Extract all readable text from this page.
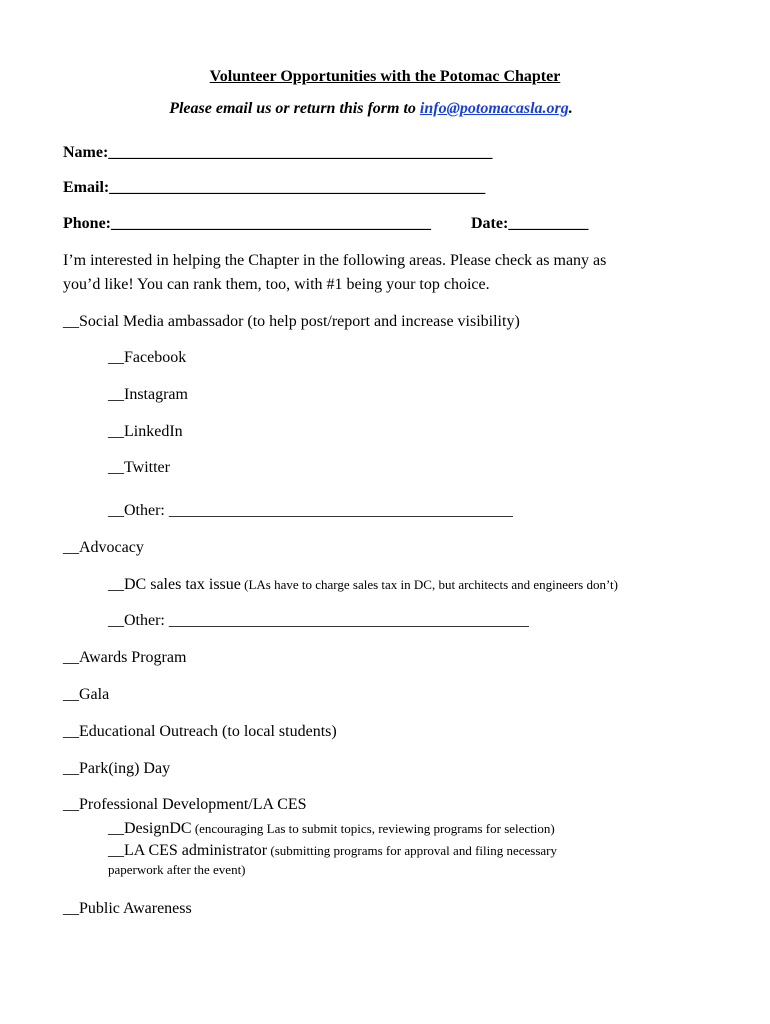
Volunteer Opportunities with the Potomac Chapter
Please email us or return this form to info@potomacasla.org.
Name:________________________________________________
Email:_______________________________________________
Phone:________________________________________	Date:__________
I’m interested in helping the Chapter in the following areas. Please check as many as
you’d like! You can rank them, too, with #1 being your top choice.
__Social Media ambassador (to help post/report and increase visibility)
__Facebook
__Instagram
__LinkedIn
__Twitter
__Other: ___________________________________________
__Advocacy
__DC sales tax issue (LAs have to charge sales tax in DC, but architects and engineers don’t)
__Other: _____________________________________________
__Awards Program
__Gala
__Educational Outreach (to local students)
__Park(ing) Day
__Professional Development/LA CES
__DesignDC (encouraging Las to submit topics, reviewing programs for selection)
__LA CES administrator (submitting programs for approval and filing necessary
paperwork after the event)
__Public Awareness
